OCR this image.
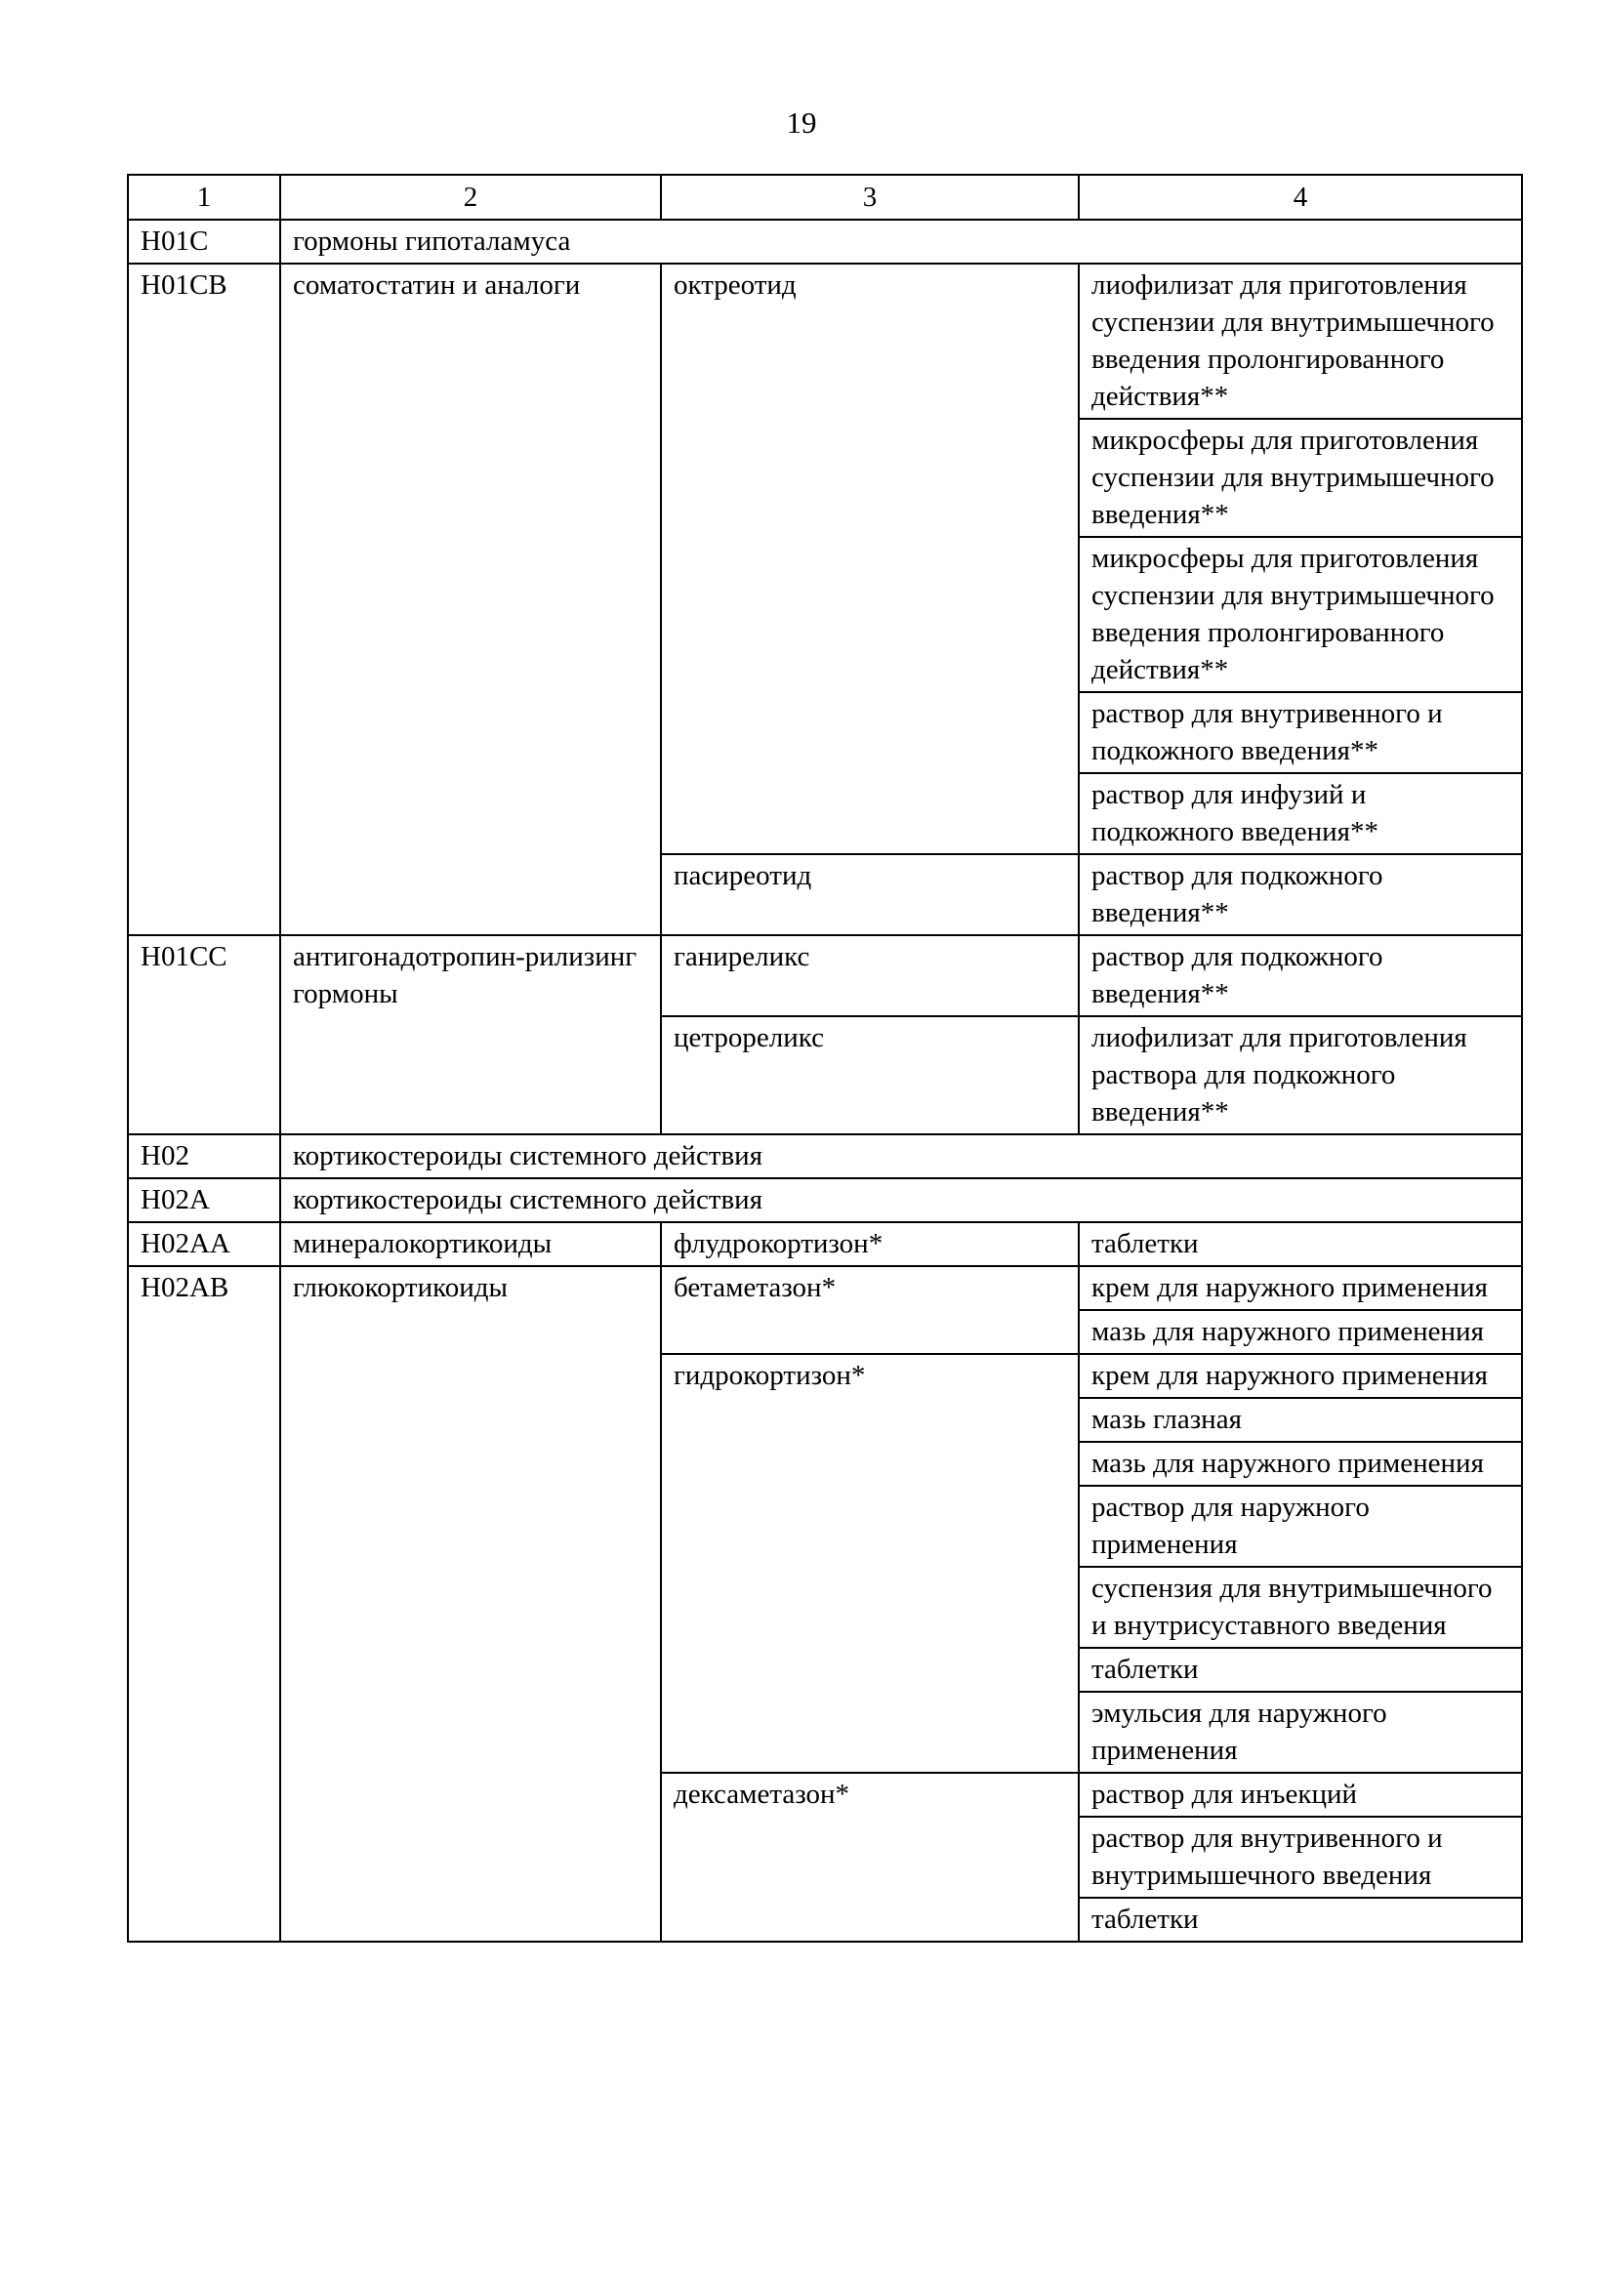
19
1	2	3	4
H01C	гормоны гипоталамуса		
H01CB	соматостатин и аналоги	октреотид	лиофилизат для приготовления суспензии для внутримышечного введения пролонгированного действия**
			микросферы для приготовления суспензии для внутримышечного введения**
			микросферы для приготовления суспензии для внутримышечного введения пролонгированного действия**
			раствор для внутривенного и подкожного введения**
			раствор для инфузий и подкожного введения**
		пасиреотид	раствор для подкожного введения**
H01CC	антигонадотропин-рилизинг гормоны	ганиреликс	раствор для подкожного введения**
		цетрореликс	лиофилизат для приготовления раствора для подкожного введения**
H02	кортикостероиды системного действия		
H02A	кортикостероиды системного действия		
H02AA	минералокортикоиды	флудрокортизон*	таблетки
H02AB	глюкокортикоиды	бетаметазон*	крем для наружного применения
			мазь для наружного применения
		гидрокортизон*	крем для наружного применения
			мазь глазная
			мазь для наружного применения
			раствор для наружного применения
			суспензия для внутримышечного и внутрисуставного введения
			таблетки
			эмульсия для наружного применения
		дексаметазон*	раствор для инъекций
			раствор для внутривенного и внутримышечного введения
			таблетки
